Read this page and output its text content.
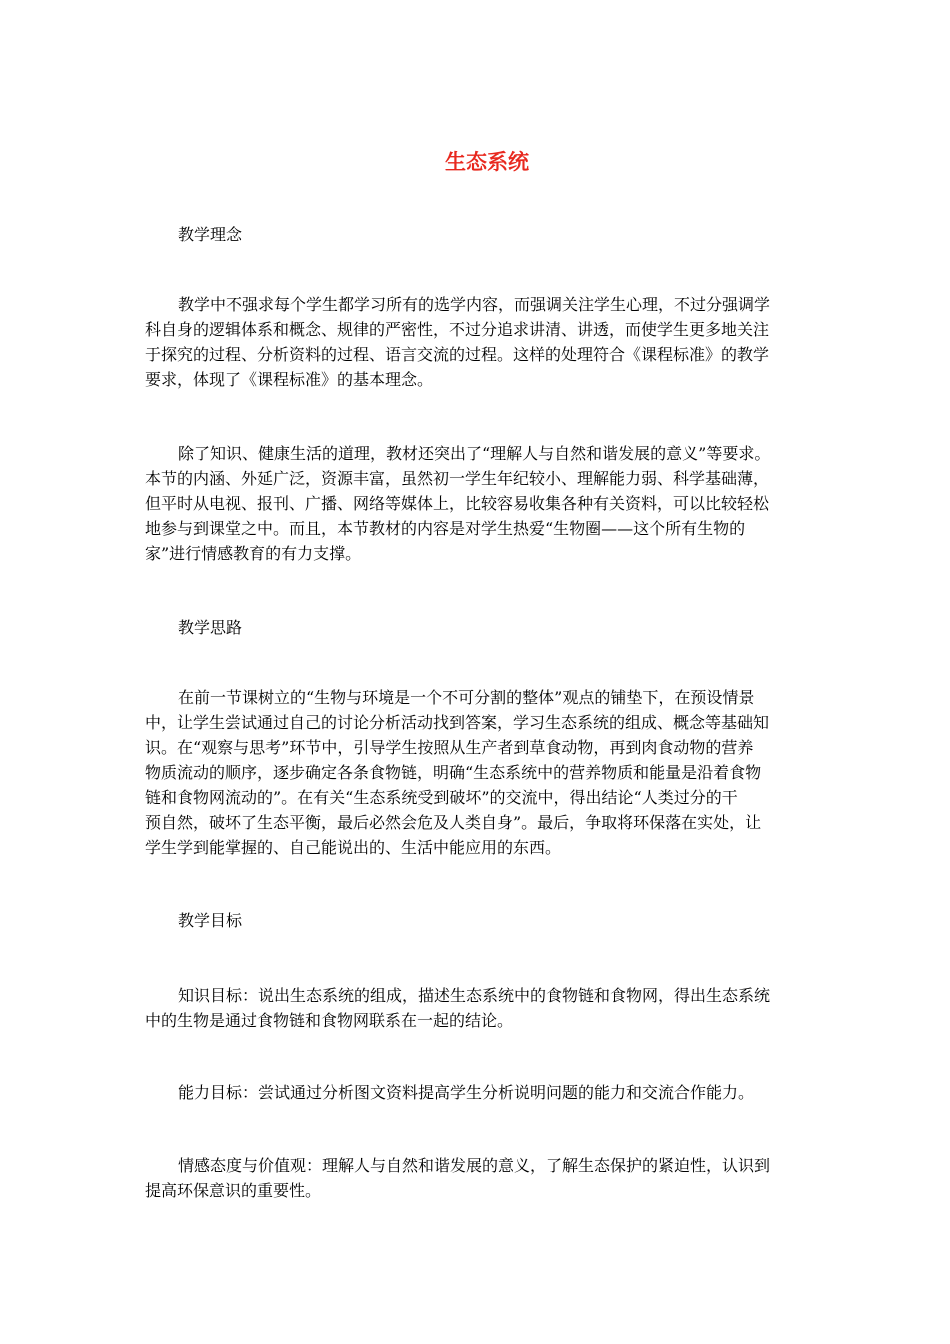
生态系统
教学理念
教学中不强求每个学生都学习所有的选学内容，而强调关注学生心理，不过分强调学
科自身的逻辑体系和概念、规律的严密性，不过分追求讲清、讲透，而使学生更多地关注
于探究的过程、分析资料的过程、语言交流的过程。这样的处理符合《课程标准》的教学
要求，体现了《课程标准》的基本理念。
除了知识、健康生活的道理，教材还突出了“理解人与自然和谐发展的意义”等要求。
本节的内涵、外延广泛，资源丰富，虽然初一学生年纪较小、理解能力弱、科学基础薄，
但平时从电视、报刊、广播、网络等媒体上，比较容易收集各种有关资料，可以比较轻松
地参与到课堂之中。而且，本节教材的内容是对学生热爱“生物圈——这个所有生物的
家”进行情感教育的有力支撑。
教学思路
在前一节课树立的“生物与环境是一个不可分割的整体”观点的铺垫下，在预设情景
中，让学生尝试通过自己的讨论分析活动找到答案，学习生态系统的组成、概念等基础知
识。在“观察与思考”环节中，引导学生按照从生产者到草食动物，再到肉食动物的营养
物质流动的顺序，逐步确定各条食物链，明确“生态系统中的营养物质和能量是沿着食物
链和食物网流动的”。在有关“生态系统受到破坏”的交流中，得出结论“人类过分的干
预自然，破坏了生态平衡，最后必然会危及人类自身”。最后，争取将环保落在实处，让
学生学到能掌握的、自己能说出的、生活中能应用的东西。
教学目标
知识目标：说出生态系统的组成，描述生态系统中的食物链和食物网，得出生态系统
中的生物是通过食物链和食物网联系在一起的结论。
能力目标：尝试通过分析图文资料提高学生分析说明问题的能力和交流合作能力。
情感态度与价值观：理解人与自然和谐发展的意义，了解生态保护的紧迫性，认识到
提高环保意识的重要性。
